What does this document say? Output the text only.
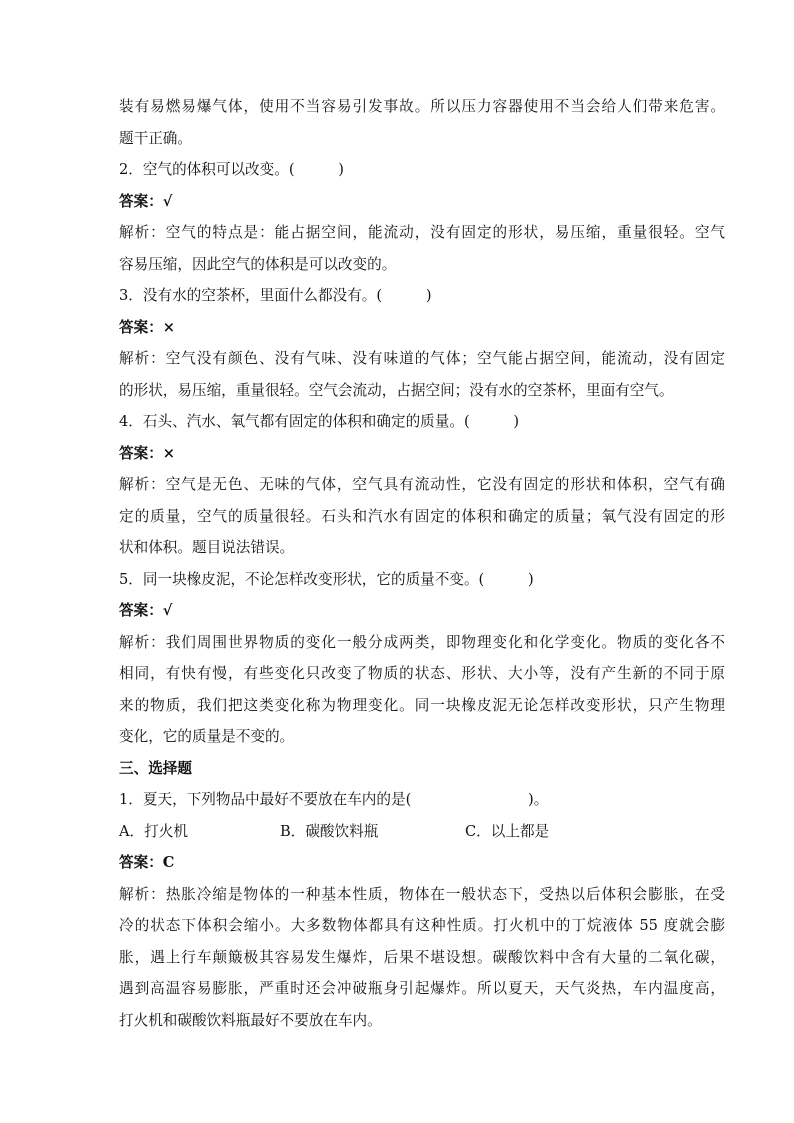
装有易燃易爆气体，使用不当容易引发事故。所以压力容器使用不当会给人们带来危害。
题干正确。
2．空气的体积可以改变。(　　　)
答案：√
解析：空气的特点是：能占据空间，能流动，没有固定的形状，易压缩，重量很轻。空气
容易压缩，因此空气的体积是可以改变的。
3．没有水的空茶杯，里面什么都没有。(　　　)
答案：×
解析：空气没有颜色、没有气味、没有味道的气体；空气能占据空间，能流动，没有固定
的形状，易压缩，重量很轻。空气会流动，占据空间；没有水的空茶杯，里面有空气。
4．石头、汽水、氧气都有固定的体积和确定的质量。(　　　)
答案：×
解析：空气是无色、无味的气体，空气具有流动性，它没有固定的形状和体积，空气有确
定的质量，空气的质量很轻。石头和汽水有固定的体积和确定的质量；氧气没有固定的形
状和体积。题目说法错误。
5．同一块橡皮泥，不论怎样改变形状，它的质量不变。(　　　)
答案：√
解析：我们周围世界物质的变化一般分成两类，即物理变化和化学变化。物质的变化各不
相同，有快有慢，有些变化只改变了物质的状态、形状、大小等，没有产生新的不同于原
来的物质，我们把这类变化称为物理变化。同一块橡皮泥无论怎样改变形状，只产生物理
变化，它的质量是不变的。
三、选择题
1．夏天，下列物品中最好不要放在车内的是(　　　　　　　　)。
A．打火机	B．碳酸饮料瓶	C．以上都是
答案：C
解析：热胀冷缩是物体的一种基本性质，物体在一般状态下，受热以后体积会膨胀，在受
冷的状态下体积会缩小。大多数物体都具有这种性质。打火机中的丁烷液体 55 度就会膨
胀，遇上行车颠簸极其容易发生爆炸，后果不堪设想。碳酸饮料中含有大量的二氧化碳，
遇到高温容易膨胀，严重时还会冲破瓶身引起爆炸。所以夏天，天气炎热，车内温度高，
打火机和碳酸饮料瓶最好不要放在车内。
